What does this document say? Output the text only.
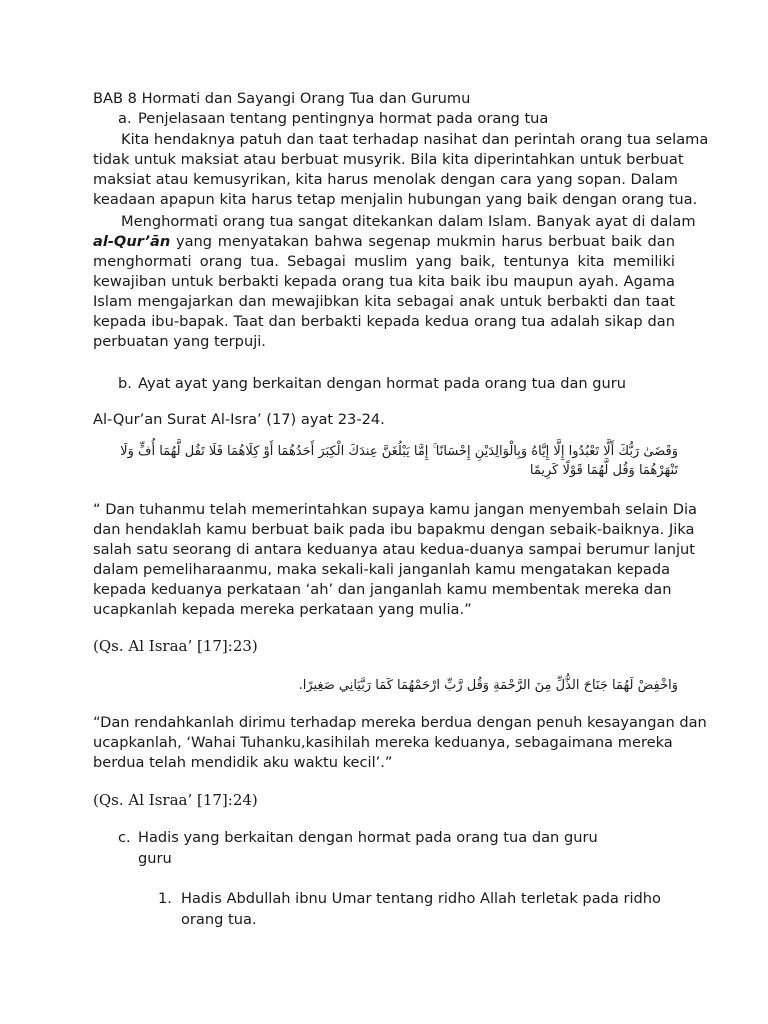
BAB 8 Hormati dan Sayangi Orang Tua dan Gurumu
a. Penjelasaan tentang pentingnya hormat pada orang tua
Kita hendaknya patuh dan taat terhadap nasihat dan perintah orang tua selama
tidak untuk maksiat atau berbuat musyrik. Bila kita diperintahkan untuk berbuat
maksiat atau kemusyrikan, kita harus menolak dengan cara yang sopan. Dalam
keadaan apapun kita harus tetap menjalin hubungan yang baik dengan orang tua.
Menghormati orang tua sangat ditekankan dalam Islam. Banyak ayat di dalam
al-Qur’ān yang menyatakan bahwa segenap mukmin harus berbuat baik dan
menghormati orang tua. Sebagai muslim yang baik, tentunya kita memiliki
kewajiban untuk berbakti kepada orang tua kita baik ibu maupun ayah. Agama
Islam mengajarkan dan mewajibkan kita sebagai anak untuk berbakti dan taat
kepada ibu-bapak. Taat dan berbakti kepada kedua orang tua adalah sikap dan
perbuatan yang terpuji.
b. Ayat ayat yang berkaitan dengan hormat pada orang tua dan guru
Al-Qur’an Surat Al-Isra’ (17) ayat 23-24.
وَقَضَىٰ رَبُّكَ أَلَّا تَعْبُدُوا إِلَّا إِيَّاهُ وَبِالْوَالِدَيْنِ إِحْسَانًا ۚ إِمَّا يَبْلُغَنَّ عِندَكَ الْكِبَرَ أَحَدُهُمَا أَوْ كِلَاهُمَا فَلَا تَقُل لَّهُمَا أُفٍّ وَلَا
تَنْهَرْهُمَا وَقُل لَّهُمَا قَوْلًا كَرِيمًا
“ Dan tuhanmu telah memerintahkan supaya kamu jangan menyembah selain Dia
dan hendaklah kamu berbuat baik pada ibu bapakmu dengan sebaik-baiknya. Jika
salah satu seorang di antara keduanya atau kedua-duanya sampai berumur lanjut
dalam pemeliharaanmu, maka sekali-kali janganlah kamu mengatakan kepada
kepada keduanya perkataan ‘ah’ dan janganlah kamu membentak mereka dan
ucapkanlah kepada mereka perkataan yang mulia.”
(Qs. Al Israa’ [17]:23)
وَاخْفِضْ لَهُمَا جَنَاحَ الذُّلِّ مِنَ الرَّحْمَةِ وَقُل رَّبِّ ارْحَمْهُمَا كَمَا رَبَّيَانِي صَغِيرًا.
“Dan rendahkanlah dirimu terhadap mereka berdua dengan penuh kesayangan dan
ucapkanlah, ‘Wahai Tuhanku,kasihilah mereka keduanya, sebagaimana mereka
berdua telah mendidik aku waktu kecil’.”
(Qs. Al Israa’ [17]:24)
c. Hadis yang berkaitan dengan hormat pada orang tua dan guru
guru
1. Hadis Abdullah ibnu Umar tentang ridho Allah terletak pada ridho
orang tua.
